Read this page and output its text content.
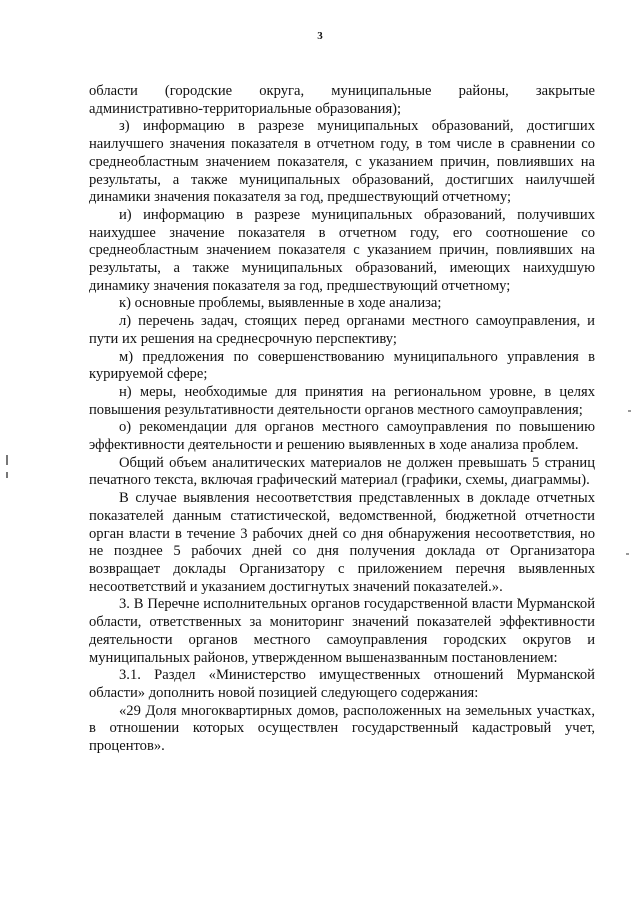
3

области (городские округа, муниципальные районы, закрытые административно-территориальные образования);

з) информацию в разрезе муниципальных образований, достигших наилучшего значения показателя в отчетном году, в том числе в сравнении со среднеобластным значением показателя, с указанием причин, повлиявших на результаты, а также муниципальных образований, достигших наилучшей динамики значения показателя за год, предшествующий отчетному;

и) информацию в разрезе муниципальных образований, получивших наихудшее значение показателя в отчетном году, его соотношение со среднеобластным значением показателя с указанием причин, повлиявших на результаты, а также муниципальных образований, имеющих наихудшую динамику значения показателя за год, предшествующий отчетному;

к) основные проблемы, выявленные в ходе анализа;

л) перечень задач, стоящих перед органами местного самоуправления, и пути их решения на среднесрочную перспективу;

м) предложения по совершенствованию муниципального управления в курируемой сфере;

н) меры, необходимые для принятия на региональном уровне, в целях повышения результативности деятельности органов местного самоуправления;

о) рекомендации для органов местного самоуправления по повышению эффективности деятельности и решению выявленных в ходе анализа проблем.

Общий объем аналитических материалов не должен превышать 5 страниц печатного текста, включая графический материал (графики, схемы, диаграммы).

В случае выявления несоответствия представленных в докладе отчетных показателей данным статистической, ведомственной, бюджетной отчетности орган власти в течение 3 рабочих дней со дня обнаружения несоответствия, но не позднее 5 рабочих дней со дня получения доклада от Организатора возвращает доклады Организатору с приложением перечня выявленных несоответствий и указанием достигнутых значений показателей.».

3. В Перечне исполнительных органов государственной власти Мурманской области, ответственных за мониторинг значений показателей эффективности деятельности органов местного самоуправления городских округов и муниципальных районов, утвержденном вышеназванным постановлением:

3.1. Раздел «Министерство имущественных отношений Мурманской области» дополнить новой позицией следующего содержания:

«29 Доля многоквартирных домов, расположенных на земельных участках, в отношении которых осуществлен государственный кадастровый учет, процентов».
